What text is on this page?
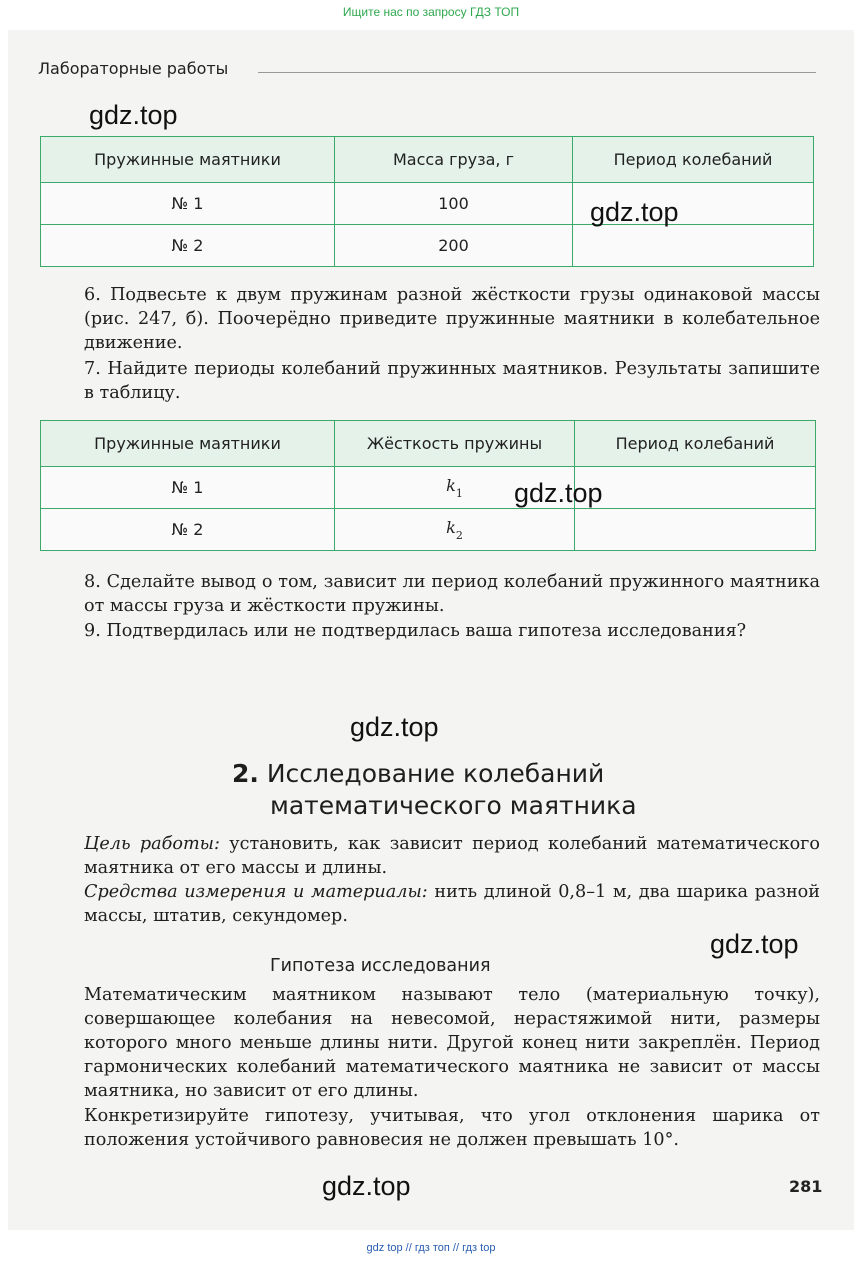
Ищите нас по запросу ГДЗ ТОП
Лабораторные работы
gdz.top
Пружинные маятники	Масса груза, г	Период колебаний
№ 1	100	
№ 2	200	
gdz.top
6. Подвесьте к двум пружинам разной жёсткости грузы одинаковой массы (рис. 247, б). Поочерёдно приведите пружинные маятники в колебательное движение.
7. Найдите периоды колебаний пружинных маятников. Результаты запишите в таблицу.
Пружинные маятники	Жёсткость пружины	Период колебаний
№ 1	$k_1$	
№ 2	$k_2$	
gdz.top
8. Сделайте вывод о том, зависит ли период колебаний пружинного маятника от массы груза и жёсткости пружины.
9. Подтвердилась или не подтвердилась ваша гипотеза исследования?
gdz.top
2. Исследование колебаний
математического маятника
Цель работы: установить, как зависит период колебаний математического маятника от его массы и длины.
Средства измерения и материалы: нить длиной 0,8–1 м, два шарика разной массы, штатив, секундомер.
gdz.top
Гипотеза исследования
Математическим маятником называют тело (материальную точку), совершающее колебания на невесомой, нерастяжимой нити, размеры которого много меньше длины нити. Другой конец нити закреплён. Период гармонических колебаний математического маятника не зависит от массы маятника, но зависит от его длины.
Конкретизируйте гипотезу, учитывая, что угол отклонения шарика от положения устойчивого равновесия не должен превышать 10°.
gdz.top	281
gdz top // гдз топ // гдз top
